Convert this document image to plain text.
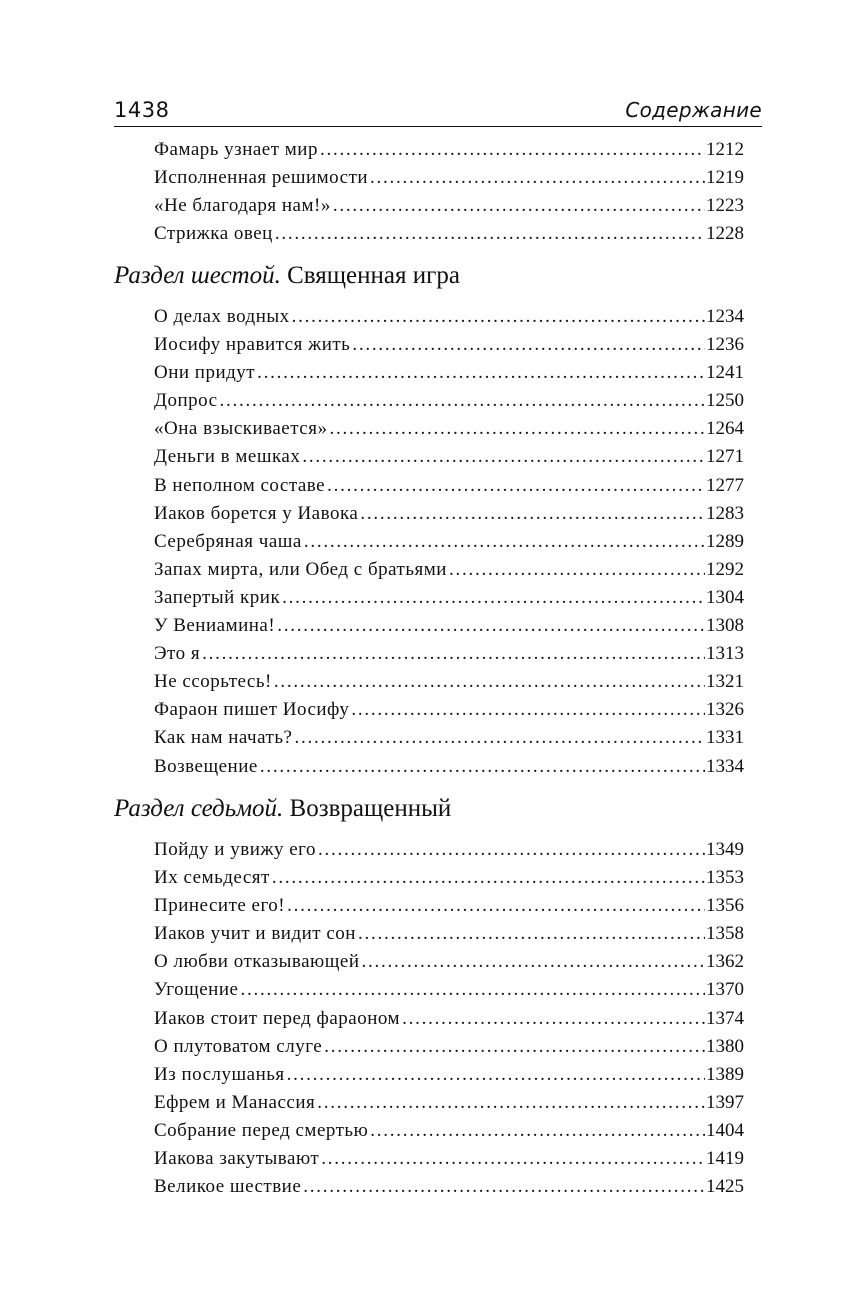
1438	Содержание
Фамарь узнает мир . . .	1212
Исполненная решимости . . .	1219
«Не благодаря нам!» . . .	1223
Стрижка овец . . .	1228
Раздел шестой. Священная игра
О делах водных . . .	1234
Иосифу нравится жить . . .	1236
Они придут . . .	1241
Допрос . . .	1250
«Она взыскивается» . . .	1264
Деньги в мешках . . .	1271
В неполном составе . . .	1277
Иаков борется у Иавока . . .	1283
Серебряная чаша . . .	1289
Запах мирта, или Обед с братьями . . .	1292
Запертый крик . . .	1304
У Вениамина! . . .	1308
Это я . . .	1313
Не ссорьтесь! . . .	1321
Фараон пишет Иосифу . . .	1326
Как нам начать? . . .	1331
Возвещение . . .	1334
Раздел седьмой. Возвращенный
Пойду и увижу его . . .	1349
Их семьдесят . . .	1353
Принесите его! . . .	1356
Иаков учит и видит сон . . .	1358
О любви отказывающей . . .	1362
Угощение . . .	1370
Иаков стоит перед фараоном . . .	1374
О плутоватом слуге . . .	1380
Из послушанья . . .	1389
Ефрем и Манассия . . .	1397
Собрание перед смертью . . .	1404
Иакова закутывают . . .	1419
Великое шествие . . .	1425
